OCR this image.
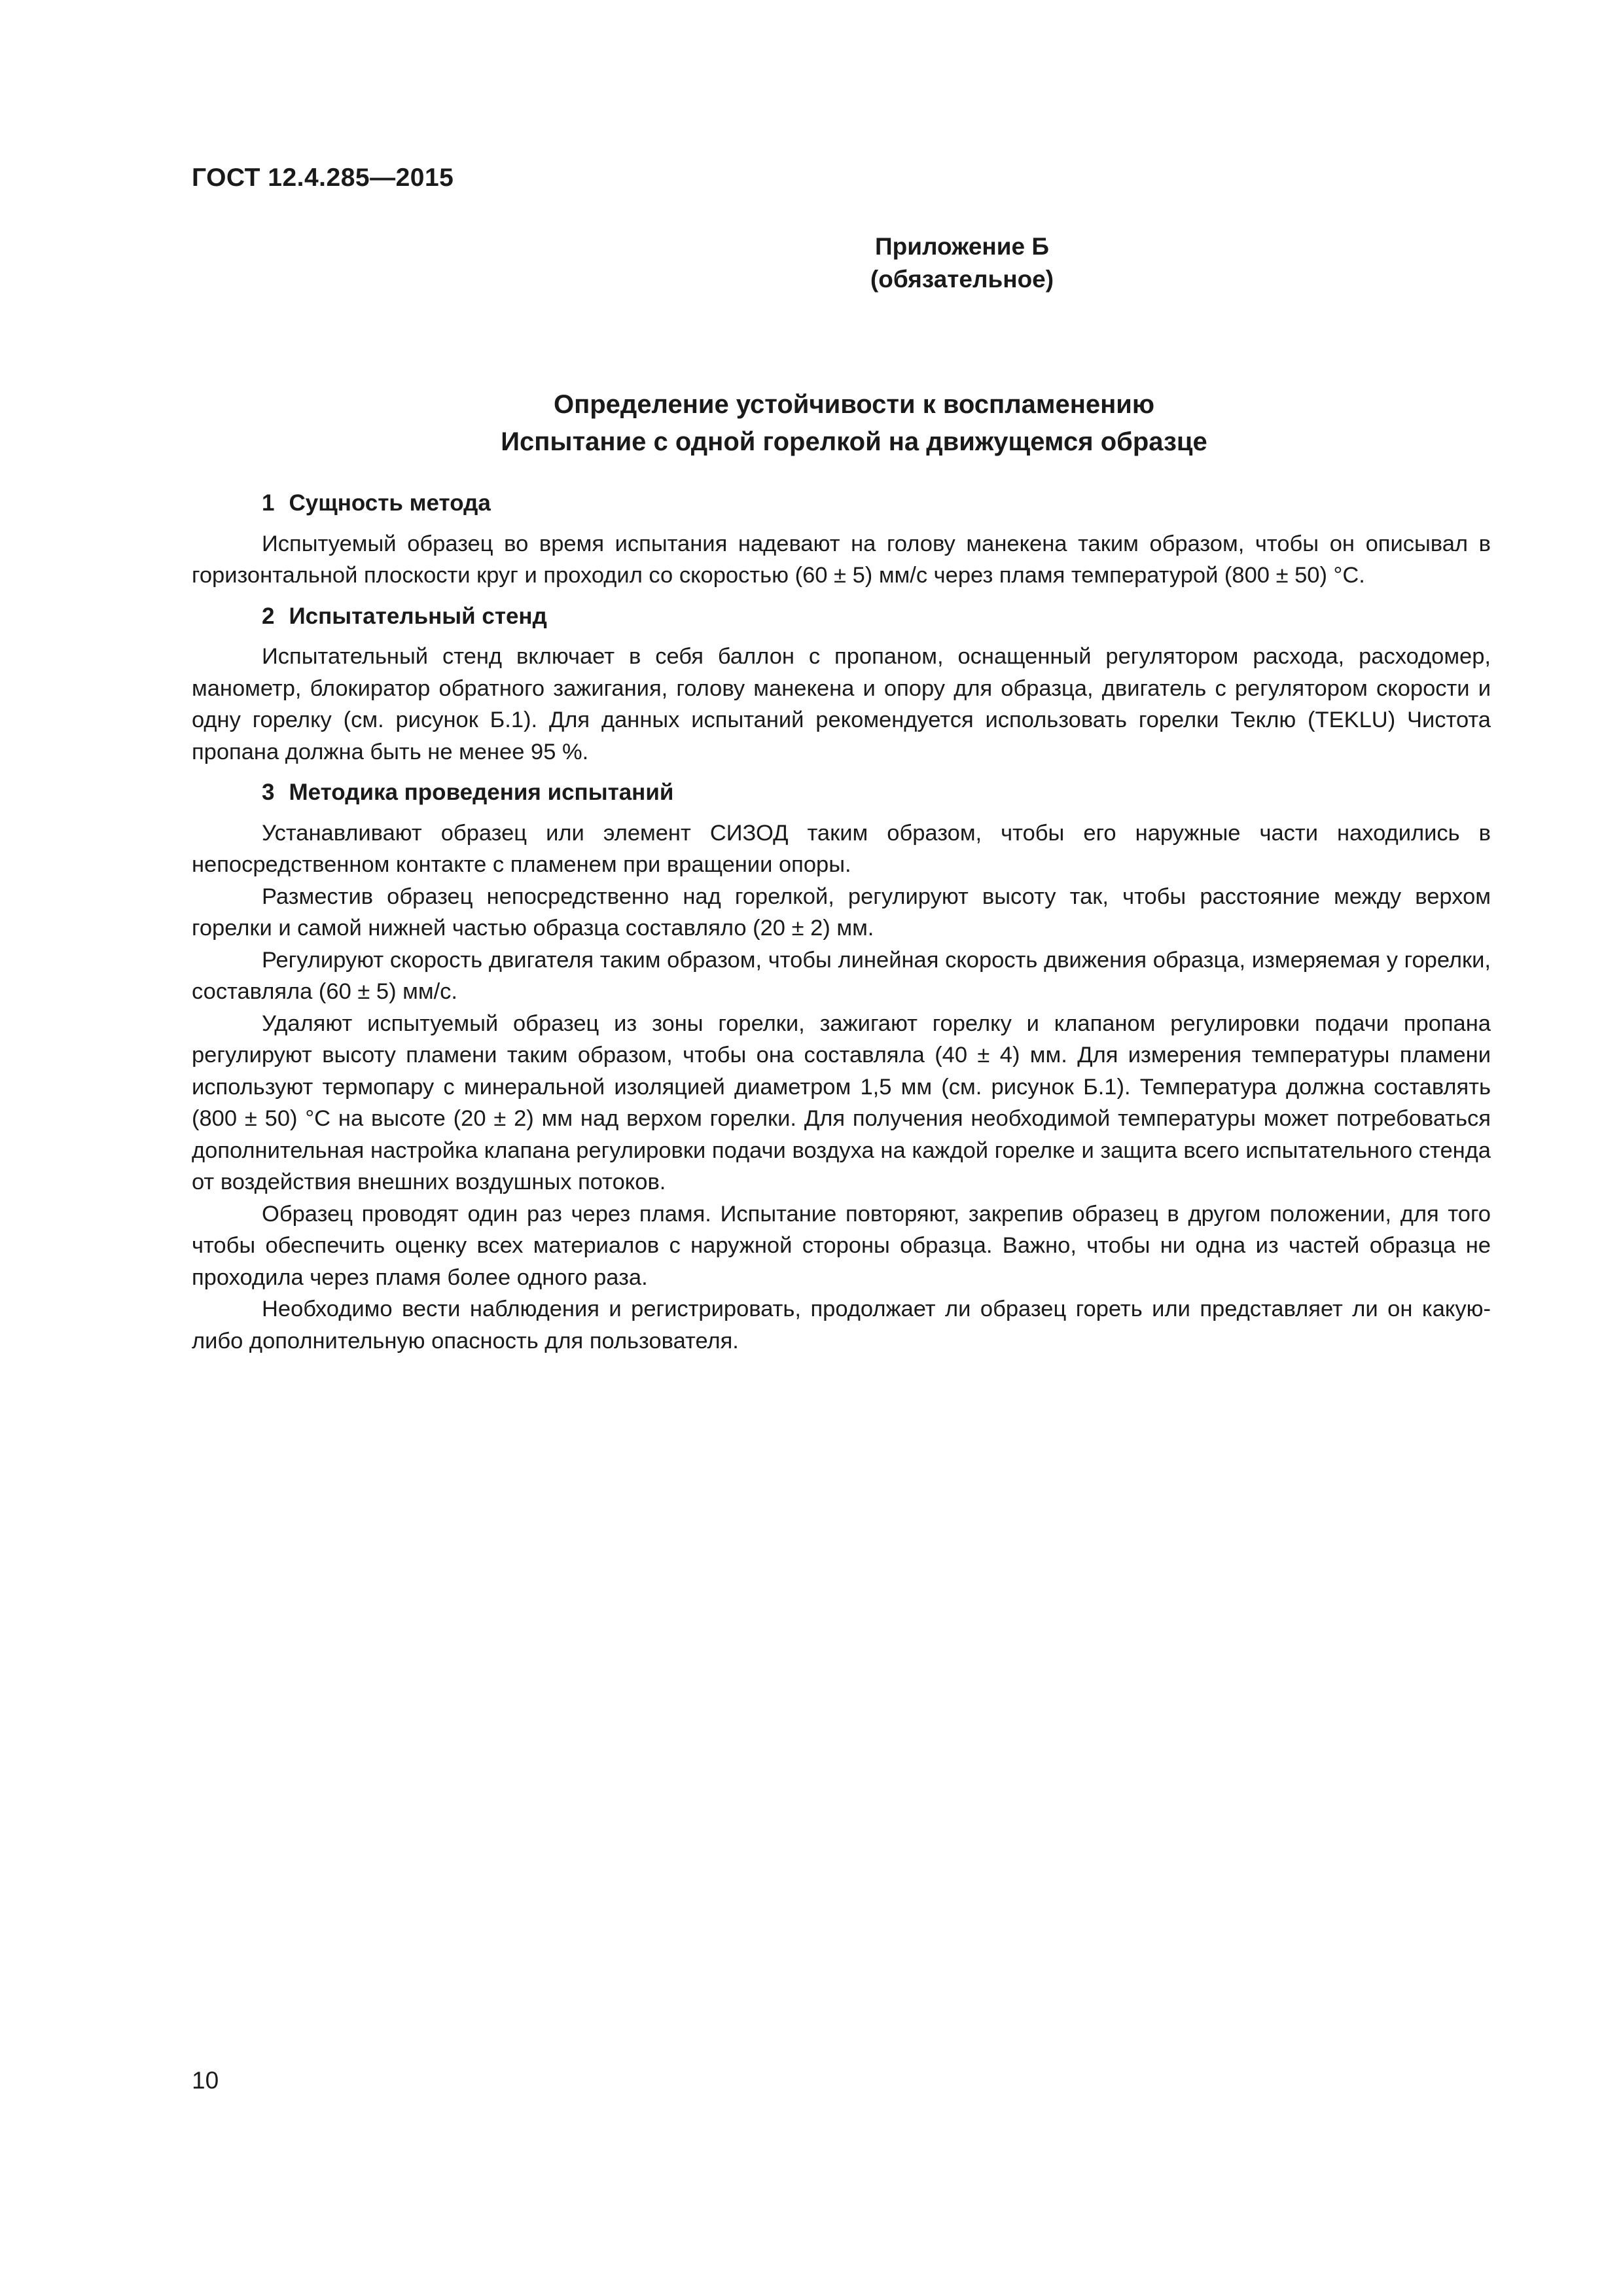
ГОСТ 12.4.285—2015
Приложение Б
(обязательное)
Определение устойчивости к воспламенению
Испытание с одной горелкой на движущемся образце
1 Сущность метода

Испытуемый образец во время испытания надевают на голову манекена таким образом, чтобы он описывал в горизонтальной плоскости круг и проходил со скоростью (60 ± 5) мм/с через пламя температурой (800 ± 50) °С.

2 Испытательный стенд

Испытательный стенд включает в себя баллон с пропаном, оснащенный регулятором расхода, расходомер, манометр, блокиратор обратного зажигания, голову манекена и опору для образца, двигатель с регулятором скорости и одну горелку (см. рисунок Б.1). Для данных испытаний рекомендуется использовать горелки Теклю (TEKLU) Чистота пропана должна быть не менее 95 %.

3 Методика проведения испытаний

Устанавливают образец или элемент СИЗОД таким образом, чтобы его наружные части находились в непосредственном контакте с пламенем при вращении опоры.

Разместив образец непосредственно над горелкой, регулируют высоту так, чтобы расстояние между верхом горелки и самой нижней частью образца составляло (20 ± 2) мм.

Регулируют скорость двигателя таким образом, чтобы линейная скорость движения образца, измеряемая у горелки, составляла (60 ± 5) мм/с.

Удаляют испытуемый образец из зоны горелки, зажигают горелку и клапаном регулировки подачи пропана регулируют высоту пламени таким образом, чтобы она составляла (40 ± 4) мм. Для измерения температуры пламени используют термопару с минеральной изоляцией диаметром 1,5 мм (см. рисунок Б.1). Температура должна составлять (800 ± 50) °С на высоте (20 ± 2) мм над верхом горелки. Для получения необходимой температуры может потребоваться дополнительная настройка клапана регулировки подачи воздуха на каждой горелке и защита всего испытательного стенда от воздействия внешних воздушных потоков.

Образец проводят один раз через пламя. Испытание повторяют, закрепив образец в другом положении, для того чтобы обеспечить оценку всех материалов с наружной стороны образца. Важно, чтобы ни одна из частей образца не проходила через пламя более одного раза.

Необходимо вести наблюдения и регистрировать, продолжает ли образец гореть или представляет ли он какую-либо дополнительную опасность для пользователя.

10
